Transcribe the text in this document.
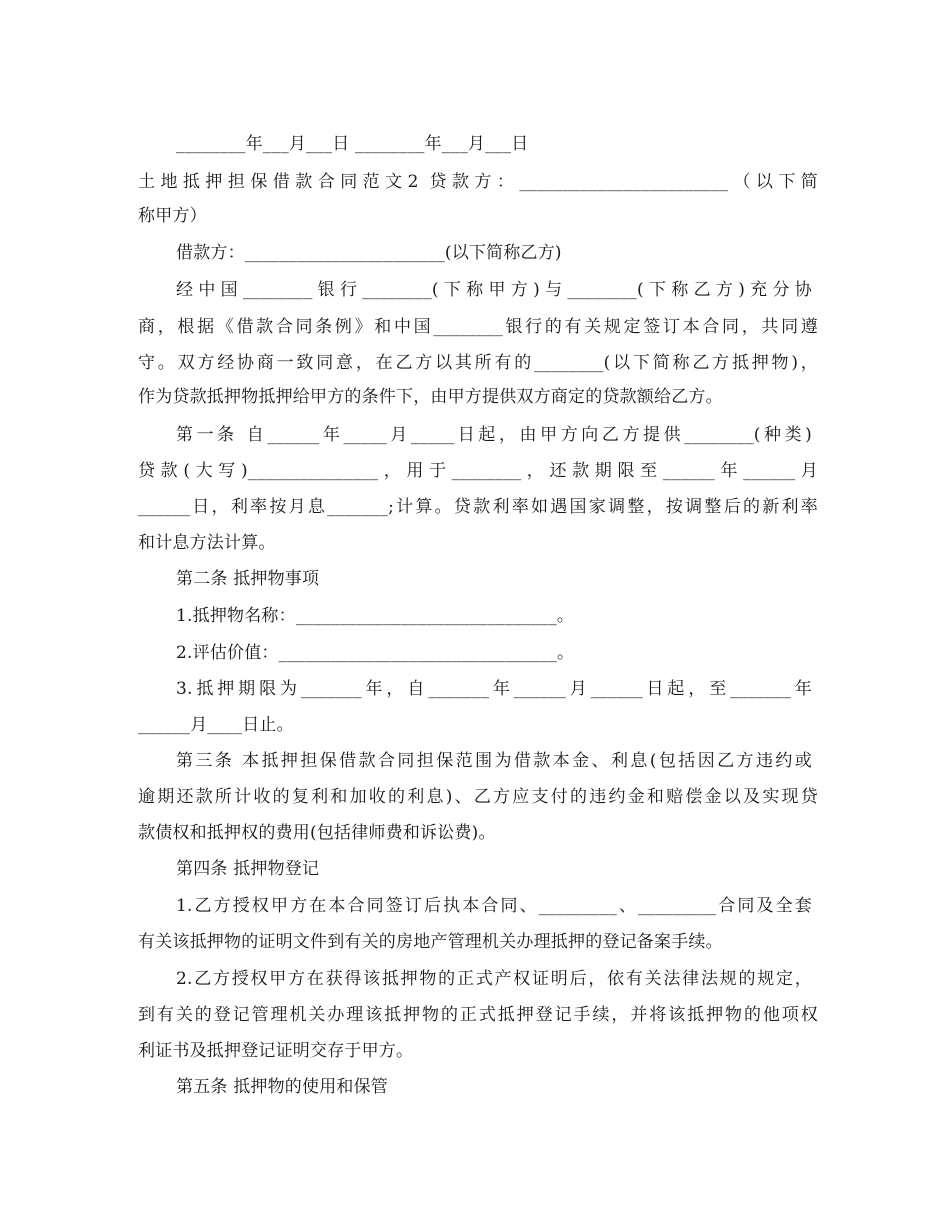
________年___月___日 ________年___月___日
土地抵押担保借款合同范文2 贷款方：________________________（以下简
称甲方）
借款方：_______________________(以下简称乙方)
经中国________银行________(下称甲方)与________(下称乙方)充分协
商，根据《借款合同条例》和中国________银行的有关规定签订本合同，共同遵
守。双方经协商一致同意，在乙方以其所有的________(以下简称乙方抵押物)，
作为贷款抵押物抵押给甲方的条件下，由甲方提供双方商定的贷款额给乙方。
第一条 自______年_____月_____日起，由甲方向乙方提供________(种类)
贷款(大写)_______________，用于________，还款期限至______年______月
______日，利率按月息_______;计算。贷款利率如遇国家调整，按调整后的新利率
和计息方法计算。
第二条 抵押物事项
1.抵押物名称：______________________________。
2.评估价值：________________________________。
3.抵押期限为_______年，自_______年______月______日起，至_______年
______月____日止。
第三条 本抵押担保借款合同担保范围为借款本金、利息(包括因乙方违约或
逾期还款所计收的复利和加收的利息)、乙方应支付的违约金和赔偿金以及实现贷
款债权和抵押权的费用(包括律师费和诉讼费)。
第四条 抵押物登记
1.乙方授权甲方在本合同签订后执本合同、_________、_________合同及全套
有关该抵押物的证明文件到有关的房地产管理机关办理抵押的登记备案手续。
2.乙方授权甲方在获得该抵押物的正式产权证明后，依有关法律法规的规定，
到有关的登记管理机关办理该抵押物的正式抵押登记手续，并将该抵押物的他项权
利证书及抵押登记证明交存于甲方。
第五条 抵押物的使用和保管
